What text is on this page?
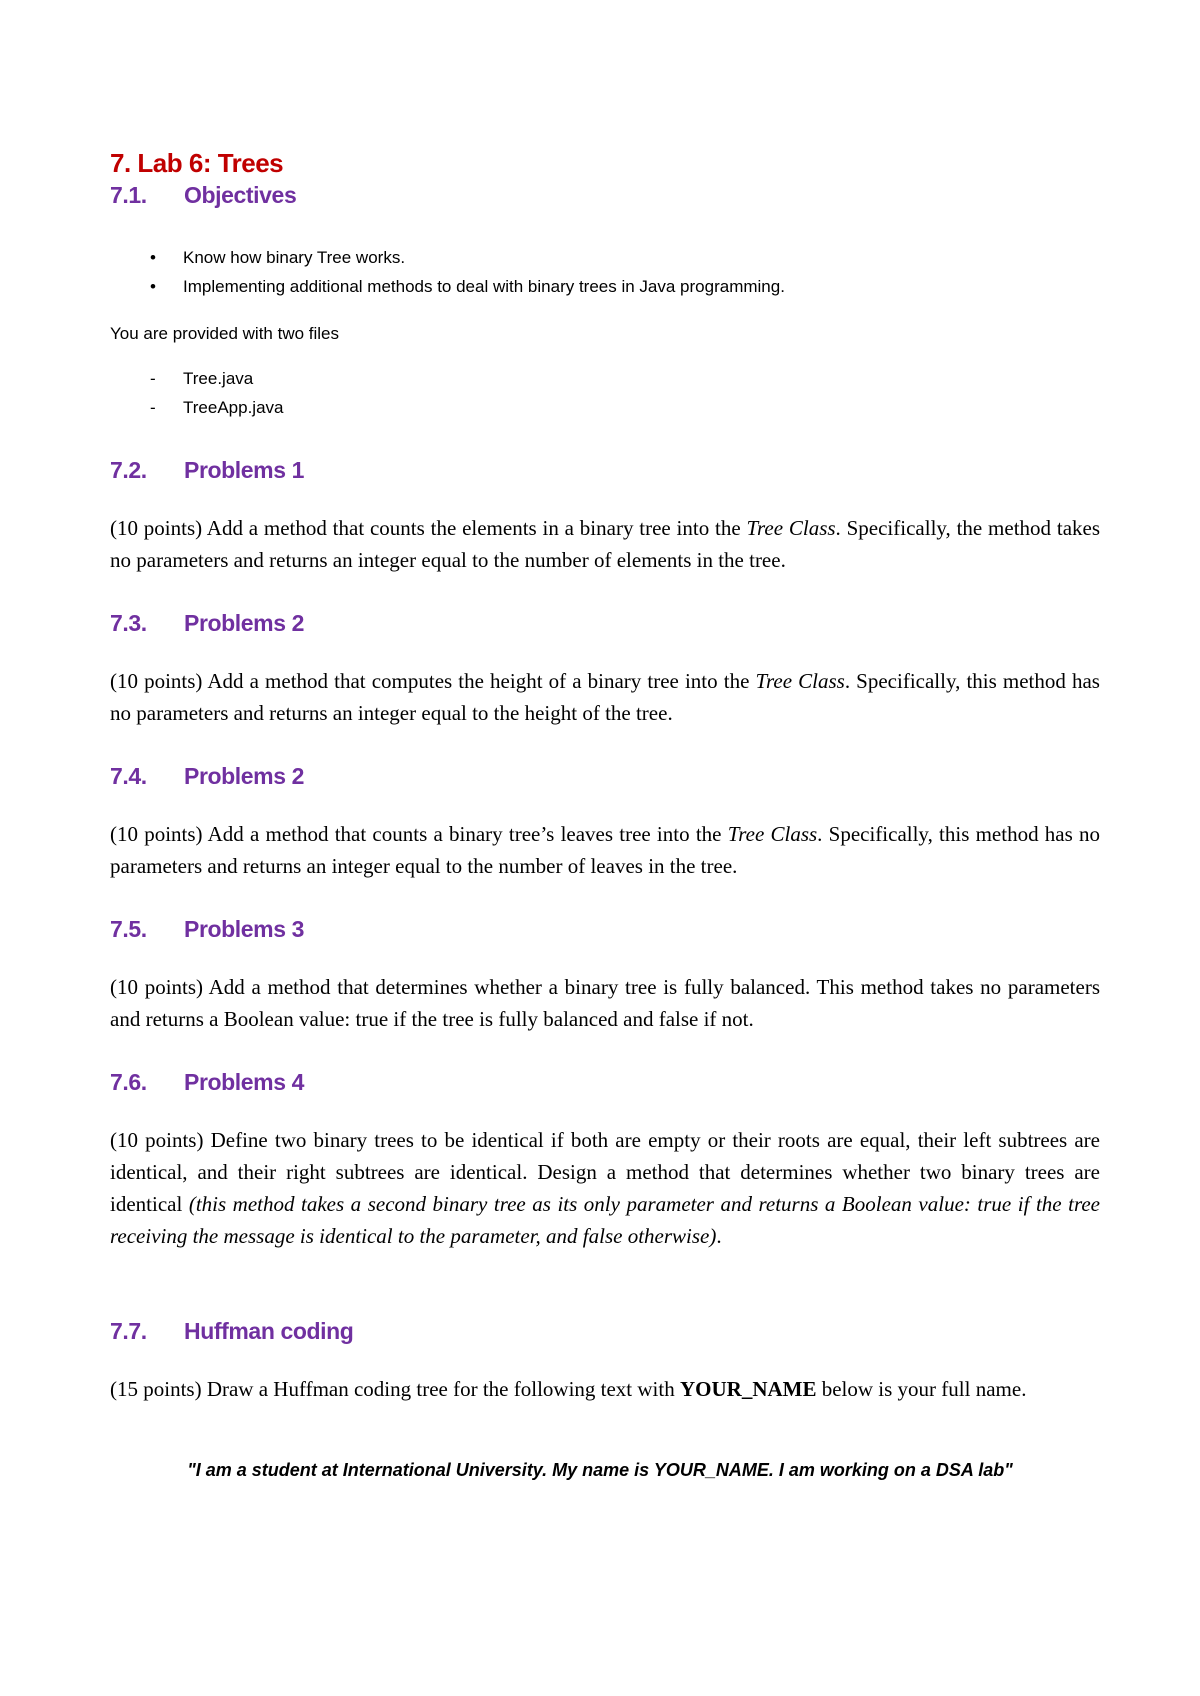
7. Lab 6: Trees
7.1. Objectives
• Know how binary Tree works.
• Implementing additional methods to deal with binary trees in Java programming.
You are provided with two files
- Tree.java
- TreeApp.java
7.2. Problems 1
(10 points) Add a method that counts the elements in a binary tree into the Tree Class. Specifically, the method takes no parameters and returns an integer equal to the number of elements in the tree.
7.3. Problems 2
(10 points) Add a method that computes the height of a binary tree into the Tree Class. Specifically, this method has no parameters and returns an integer equal to the height of the tree.
7.4. Problems 2
(10 points) Add a method that counts a binary tree’s leaves tree into the Tree Class. Specifically, this method has no parameters and returns an integer equal to the number of leaves in the tree.
7.5. Problems 3
(10 points) Add a method that determines whether a binary tree is fully balanced. This method takes no parameters and returns a Boolean value: true if the tree is fully balanced and false if not.
7.6. Problems 4
(10 points) Define two binary trees to be identical if both are empty or their roots are equal, their left subtrees are identical, and their right subtrees are identical. Design a method that determines whether two binary trees are identical (this method takes a second binary tree as its only parameter and returns a Boolean value: true if the tree receiving the message is identical to the parameter, and false otherwise).
7.7. Huffman coding
(15 points) Draw a Huffman coding tree for the following text with YOUR_NAME below is your full name.
"I am a student at International University. My name is YOUR_NAME. I am working on a DSA lab"
